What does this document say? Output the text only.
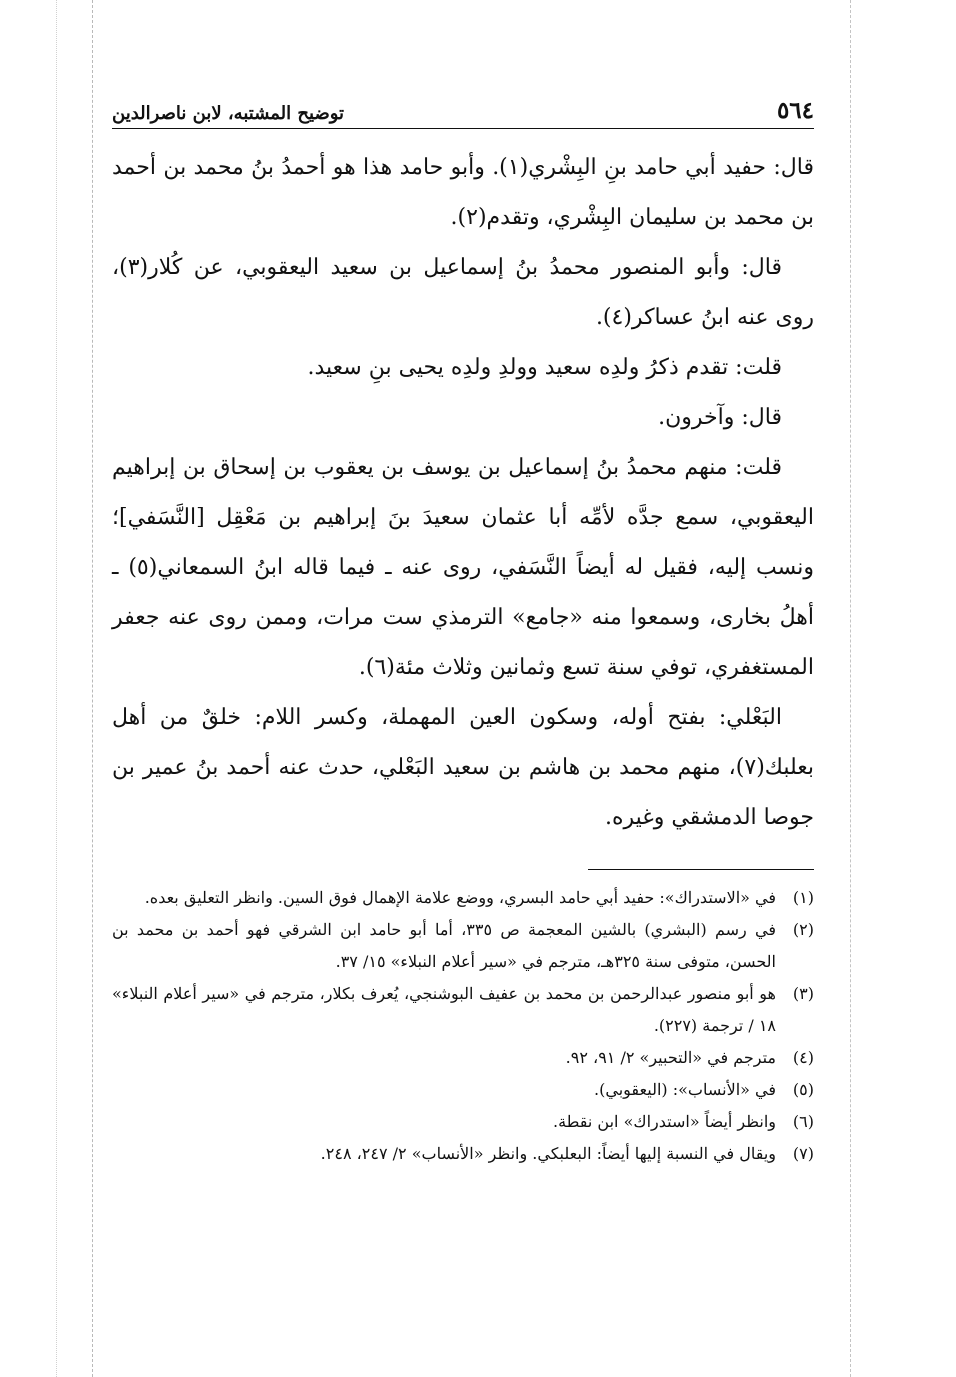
٥٦٤
توضيح المشتبه، لابن ناصرالدين

قال: حفيد أبي حامد بنِ البِشْري(١). وأبو حامد هذا هو أحمدُ بنُ محمد بن أحمد بن محمد بن سليمان البِشْري، وتقدم(٢).

قال: وأبو المنصور محمدُ بنُ إسماعيل بن سعيد اليعقوبي، عن كُلار(٣)، روى عنه ابنُ عساكر(٤).

قلت: تقدم ذكرُ ولدِه سعيد وولدِ ولدِه يحيى بنِ سعيد.

قال: وآخرون.

قلت: منهم محمدُ بنُ إسماعيل بن يوسف بن يعقوب بن إسحاق بن إبراهيم اليعقوبي، سمع جدَّه لأمِّه أبا عثمان سعيدَ بنَ إبراهيم بن مَعْقِل [النَّسَفي]؛ ونسب إليه، فقيل له أيضاً النَّسَفي، روى عنه ـ فيما قاله ابنُ السمعاني(٥) ـ أهلُ بخارى، وسمعوا منه «جامع» الترمذي ست مرات، وممن روى عنه جعفر المستغفري، توفي سنة تسع وثمانين وثلاث مئة(٦).

البَعْلي: بفتح أوله، وسكون العين المهملة، وكسر اللام: خلقٌ من أهل بعلبك(٧)، منهم محمد بن هاشم بن سعيد البَعْلي، حدث عنه أحمد بنُ عمير بن جوصا الدمشقي وغيره.

(١)
في «الاستدراك»: حفيد أبي حامد البسري، ووضع علامة الإهمال فوق السين. وانظر التعليق بعده.
(٢)
في رسم (البشري) بالشين المعجمة ص ٣٣٥، أما أبو حامد ابن الشرقي فهو أحمد بن محمد بن الحسن، متوفى سنة ٣٢٥هـ، مترجم في «سير أعلام النبلاء» ١٥/ ٣٧.
(٣)
هو أبو منصور عبدالرحمن بن محمد بن عفيف البوشنجي، يُعرف بكلار، مترجم في «سير أعلام النبلاء» ١٨ / ترجمة (٢٢٧).
(٤)
مترجم في «التحبير» ٢/ ٩١، ٩٢.
(٥)
في «الأنساب»: (اليعقوبي).
(٦)
وانظر أيضاً «استدراك» ابن نقطة.
(٧)
ويقال في النسبة إليها أيضاً: البعلبكي. وانظر «الأنساب» ٢/ ٢٤٧، ٢٤٨.
